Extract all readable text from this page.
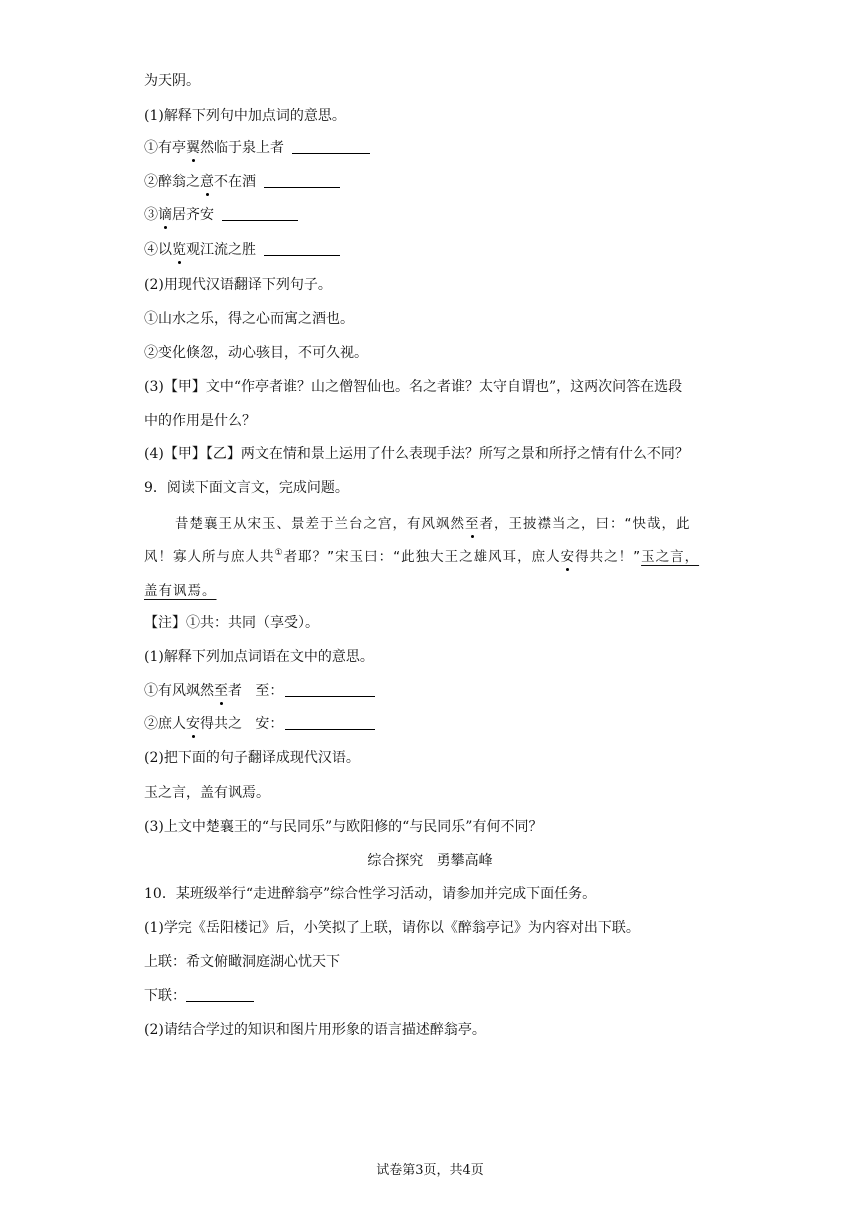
为天阴。
(1)解释下列句中加点词的意思。
①有亭翼然临于泉上者
②醉翁之意不在酒
③谪居齐安
④以览观江流之胜
(2)用现代汉语翻译下列句子。
①山水之乐，得之心而寓之酒也。
②变化倏忽，动心骇目，不可久视。
(3)【甲】文中“作亭者谁？山之僧智仙也。名之者谁？太守自谓也”，这两次问答在选段
中的作用是什么？
(4)【甲】【乙】两文在情和景上运用了什么表现手法？所写之景和所抒之情有什么不同？
9．阅读下面文言文，完成问题。
昔楚襄王从宋玉、景差于兰台之宫，有风飒然至者，王披襟当之，曰：“快哉，此
风！寡人所与庶人共①者耶？”宋玉曰：“此独大王之雄风耳，庶人安得共之！”玉之言，
盖有讽焉。
【注】①共：共同（享受）。
(1)解释下列加点词语在文中的意思。
①有风飒然至者   至：
②庶人安得共之   安：
(2)把下面的句子翻译成现代汉语。
玉之言，盖有讽焉。
(3)上文中楚襄王的“与民同乐”与欧阳修的“与民同乐”有何不同？
综合探究   勇攀高峰
10．某班级举行“走进醉翁亭”综合性学习活动，请参加并完成下面任务。
(1)学完《岳阳楼记》后，小笑拟了上联，请你以《醉翁亭记》为内容对出下联。
上联：希文俯瞰洞庭湖心忧天下
下联：
(2)请结合学过的知识和图片用形象的语言描述醉翁亭。
试卷第3页，共4页
